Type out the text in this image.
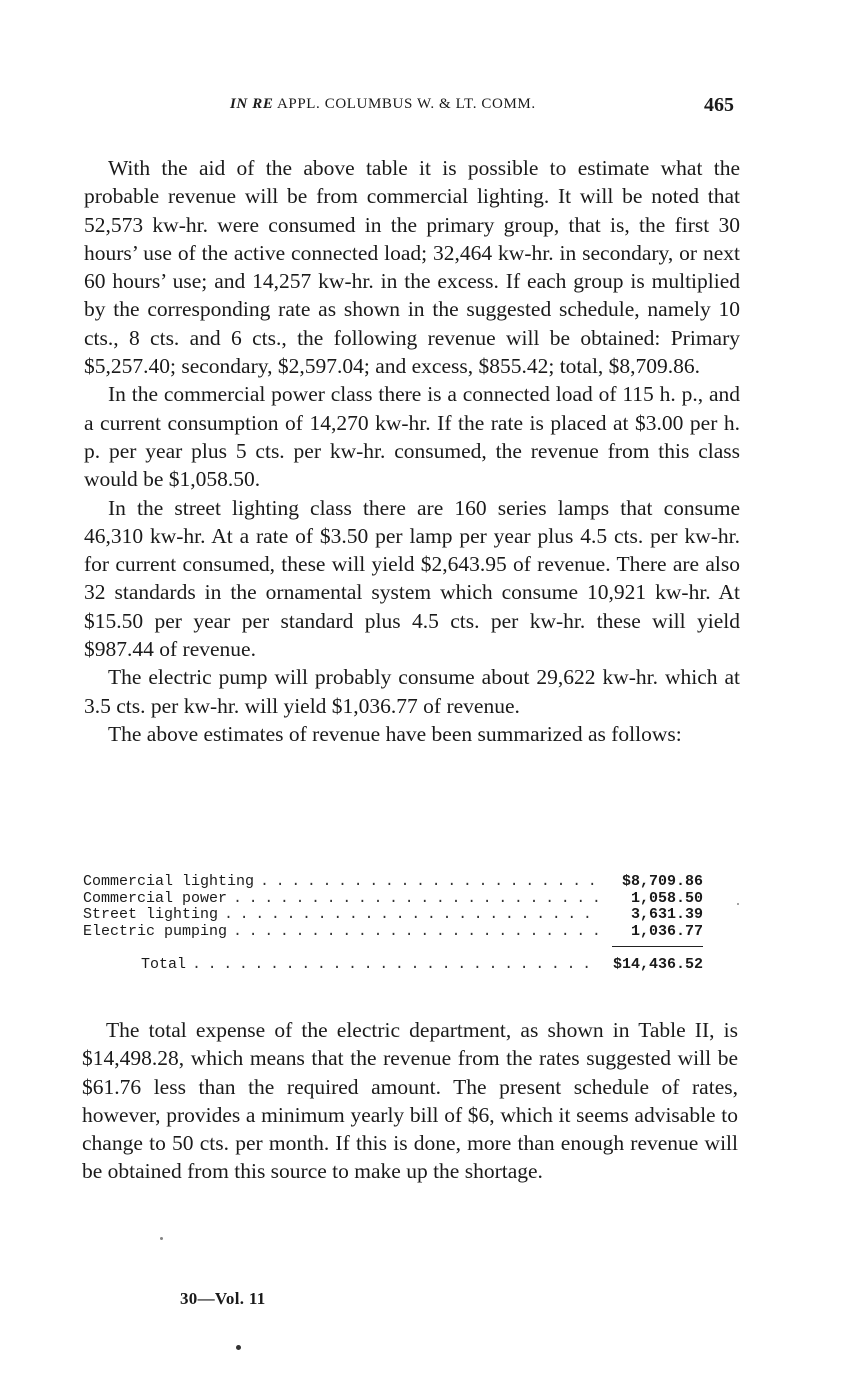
IN RE APPL. COLUMBUS W. & LT. COMM.	465

With the aid of the above table it is possible to estimate what the probable revenue will be from commercial lighting. It will be noted that 52,573 kw-hr. were consumed in the primary group, that is, the first 30 hours’ use of the active connected load; 32,464 kw-hr. in secondary, or next 60 hours’ use; and 14,257 kw-hr. in the excess. If each group is multiplied by the corresponding rate as shown in the suggested schedule, namely 10 cts., 8 cts. and 6 cts., the following revenue will be obtained: Primary $5,257.40; secondary, $2,597.04; and excess, $855.42; total, $8,709.86.

In the commercial power class there is a connected load of 115 h. p., and a current consumption of 14,270 kw-hr. If the rate is placed at $3.00 per h. p. per year plus 5 cts. per kw-hr. consumed, the revenue from this class would be $1,058.50.

In the street lighting class there are 160 series lamps that consume 46,310 kw-hr. At a rate of $3.50 per lamp per year plus 4.5 cts. per kw-hr. for current consumed, these will yield $2,643.95 of revenue. There are also 32 standards in the ornamental system which consume 10,921 kw-hr. At $15.50 per year per standard plus 4.5 cts. per kw-hr. these will yield $987.44 of revenue.

The electric pump will probably consume about 29,622 kw-hr. which at 3.5 cts. per kw-hr. will yield $1,036.77 of revenue.

The above estimates of revenue have been summarized as follows:

Commercial lighting . . .	$8,709.86
Commercial power . . .	1,058.50
Street lighting . . .	3,631.39
Electric pumping . . .	1,036.77
Total . . .	$14,436.52

The total expense of the electric department, as shown in Table II, is $14,498.28, which means that the revenue from the rates suggested will be $61.76 less than the required amount. The present schedule of rates, however, provides a minimum yearly bill of $6, which it seems advisable to change to 50 cts. per month. If this is done, more than enough revenue will be obtained from this source to make up the shortage.

30—Vol. 11
